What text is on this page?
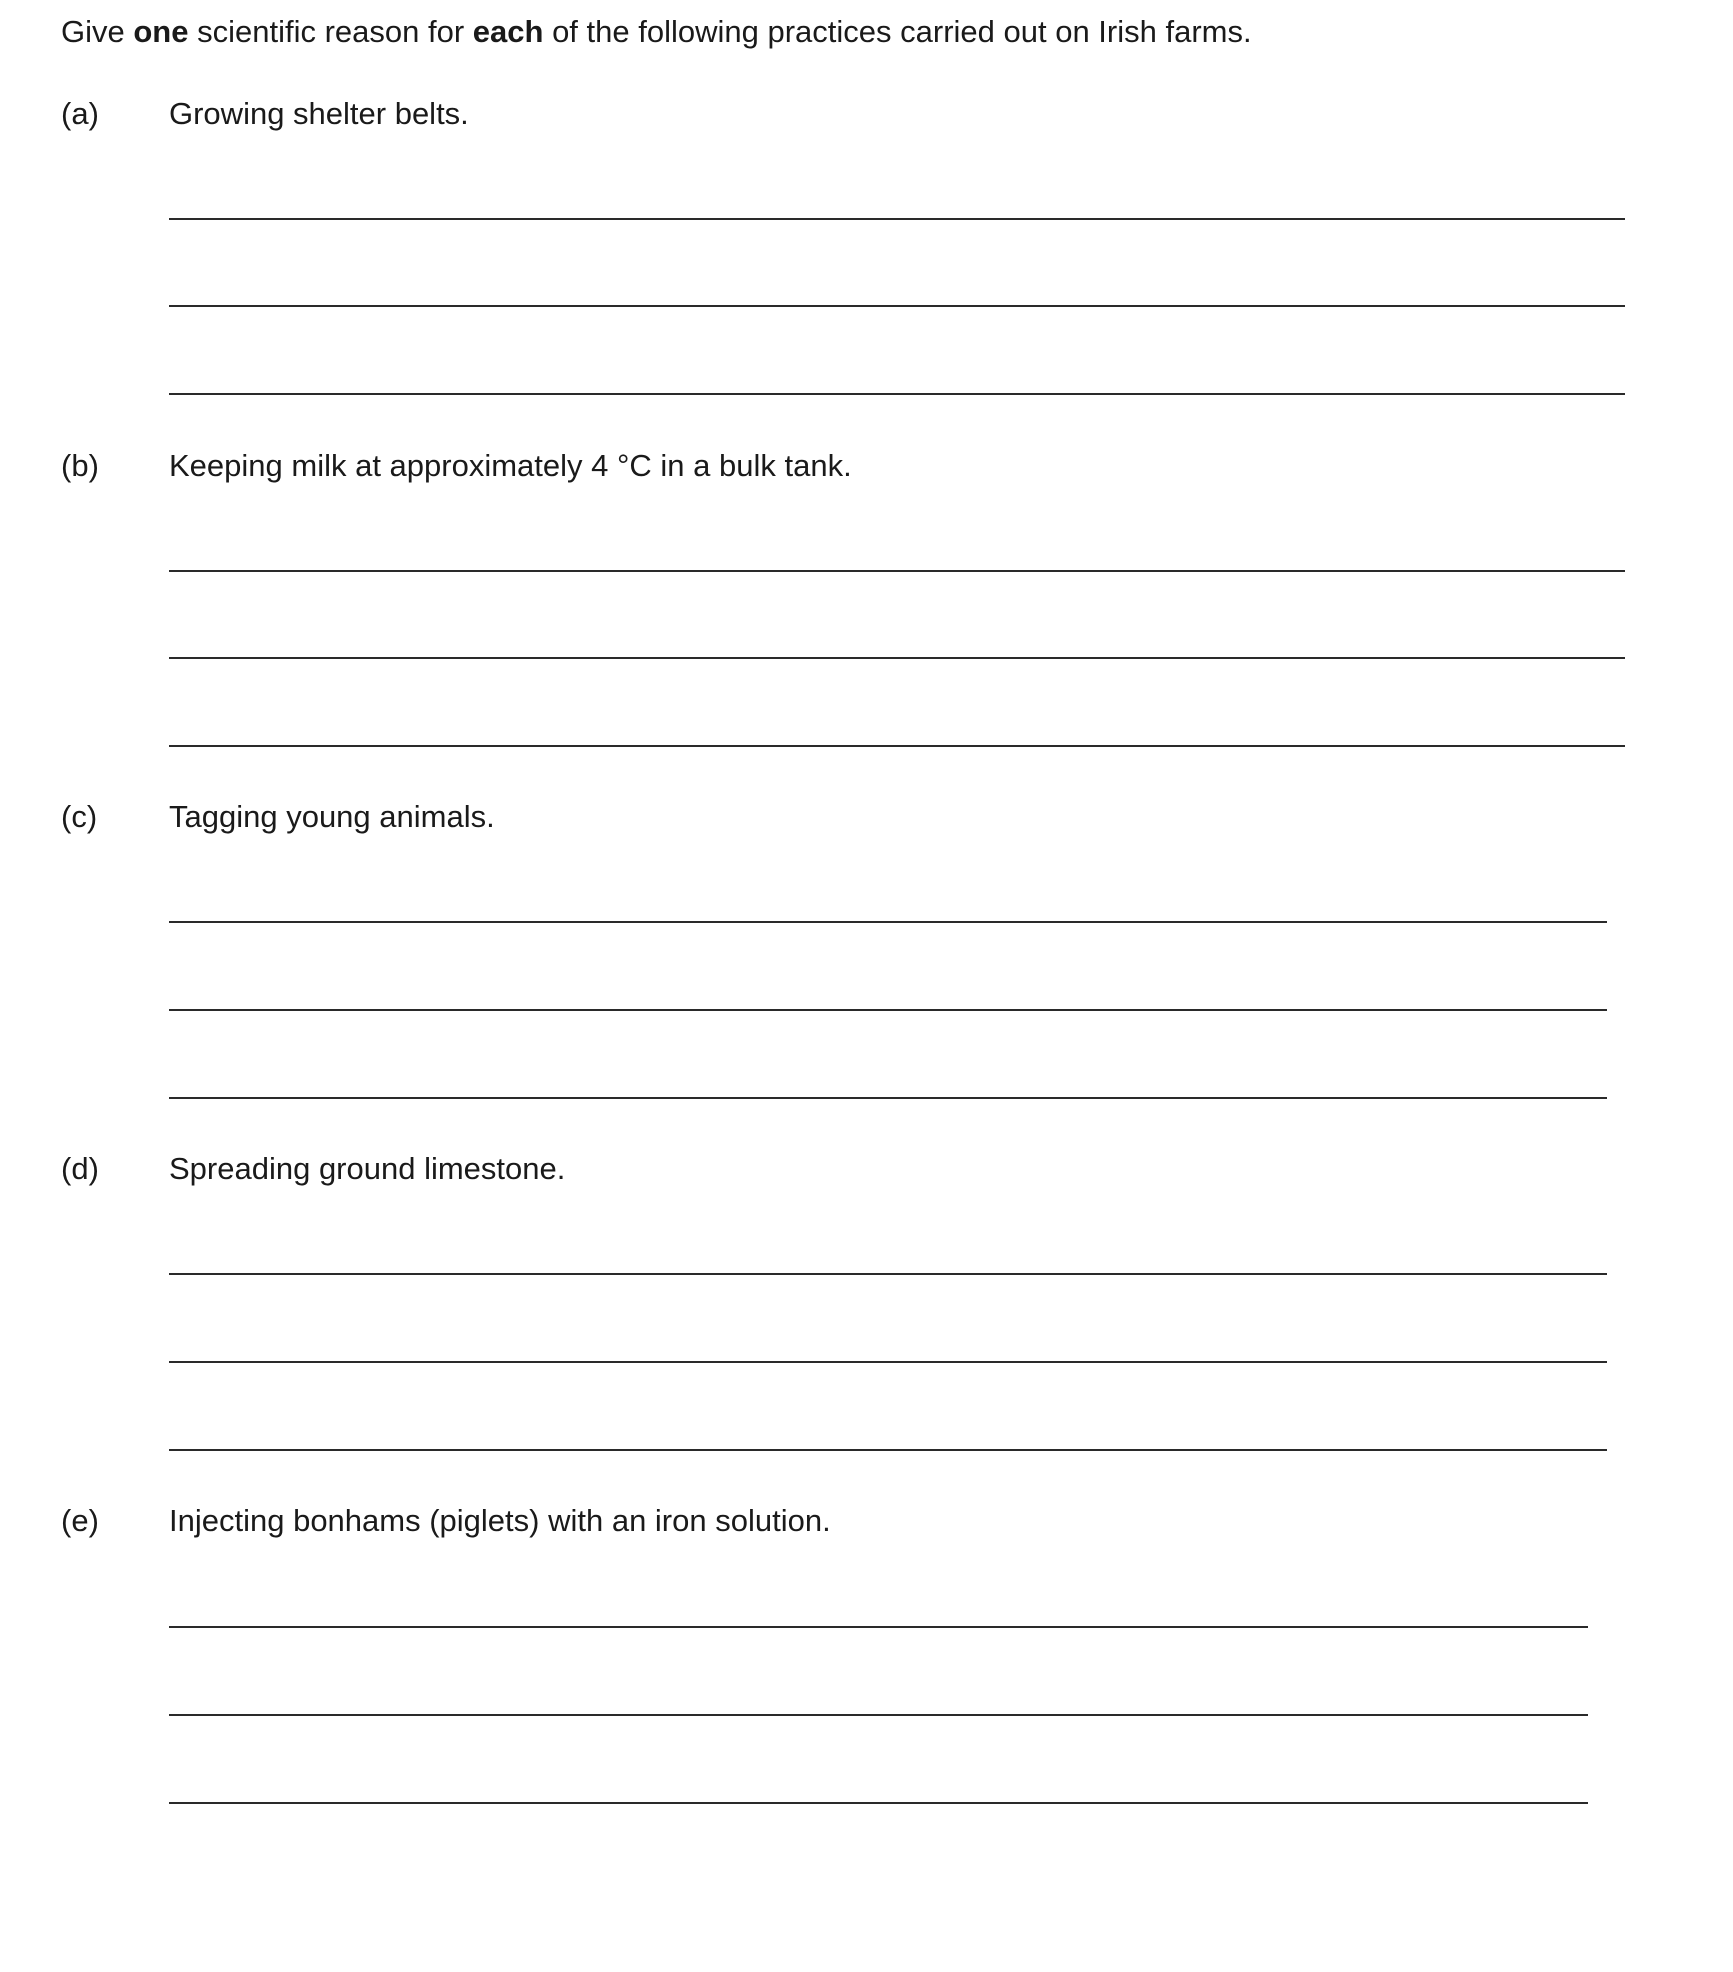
Give one scientific reason for each of the following practices carried out on Irish farms.
(a) Growing shelter belts.
(b) Keeping milk at approximately 4 °C in a bulk tank.
(c) Tagging young animals.
(d) Spreading ground limestone.
(e) Injecting bonhams (piglets) with an iron solution.
